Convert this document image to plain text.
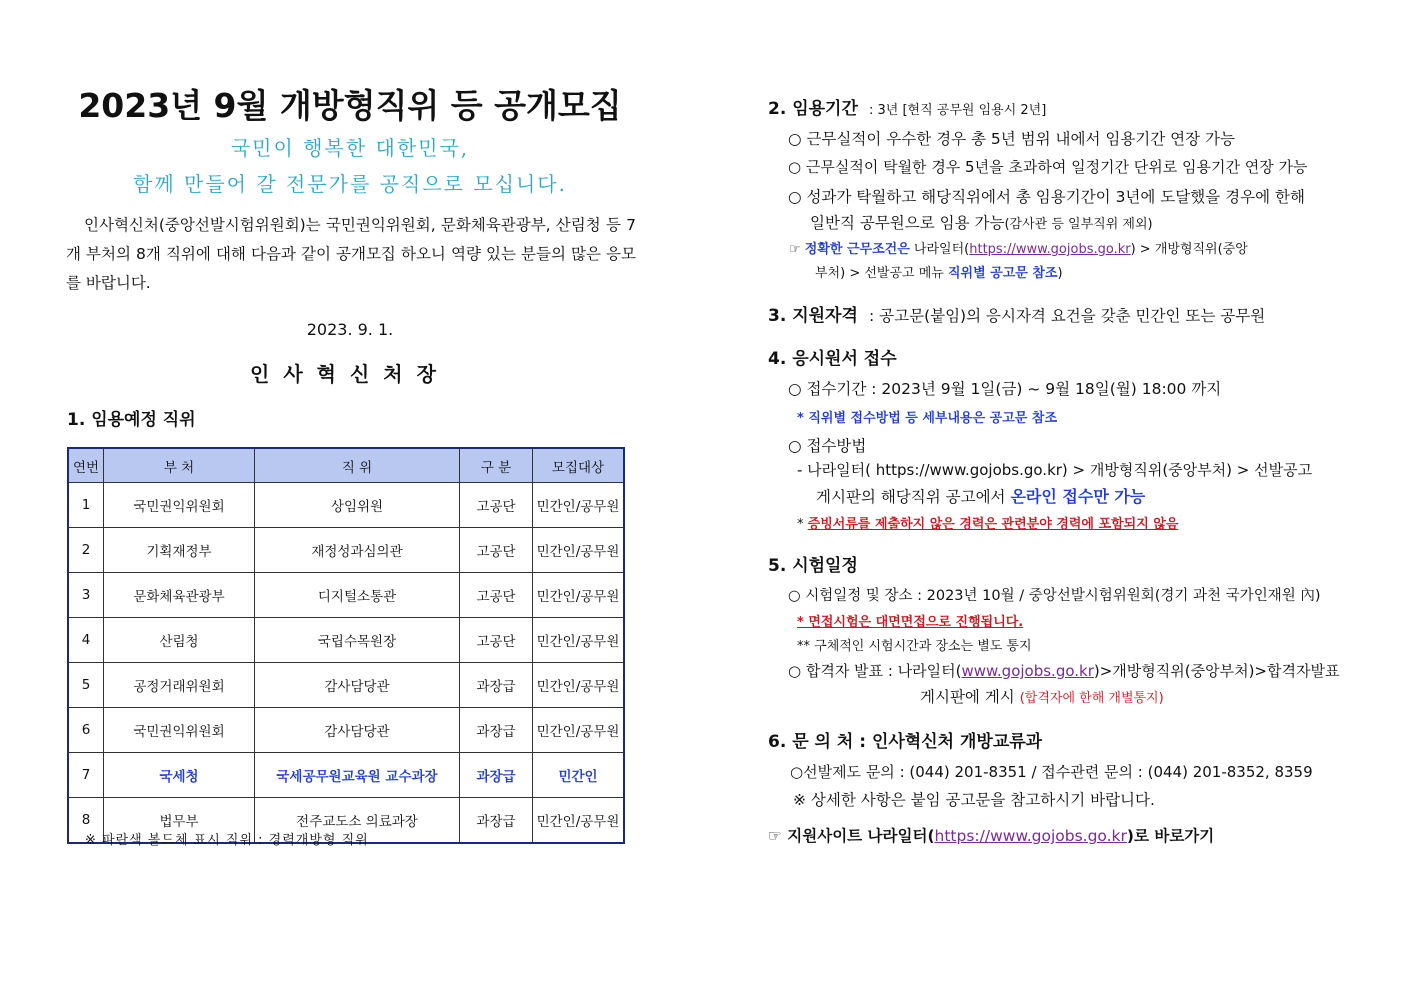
2023년 9월 개방형직위 등 공개모집
국민이 행복한 대한민국,
함께 만들어 갈 전문가를 공직으로 모십니다.
인사혁신처(중앙선발시험위원회)는 국민권익위원회, 문화체육관광부, 산림청 등 7개 부처의 8개 직위에 대해 다음과 같이 공개모집 하오니 역량 있는 분들의 많은 응모를 바랍니다.
2023. 9. 1.
인사혁신처장
1. 임용예정 직위
연번	부 처	직 위	구 분	모집대상
1	국민권익위원회	상임위원	고공단	민간인/공무원
2	기획재정부	재정성과심의관	고공단	민간인/공무원
3	문화체육관광부	디지털소통관	고공단	민간인/공무원
4	산림청	국립수목원장	고공단	민간인/공무원
5	공정거래위원회	감사담당관	과장급	민간인/공무원
6	국민권익위원회	감사담당관	과장급	민간인/공무원
7	국세청	국세공무원교육원 교수과장	과장급	민간인
8	법무부	전주교도소 의료과장	과장급	민간인/공무원
※ 파란색 볼드체 표시 직위 : 경력개방형 직위
2. 임용기간 : 3년 [현직 공무원 임용시 2년]
○ 근무실적이 우수한 경우 총 5년 범위 내에서 임용기간 연장 가능
○ 근무실적이 탁월한 경우 5년을 초과하여 일정기간 단위로 임용기간 연장 가능
○ 성과가 탁월하고 해당직위에서 총 임용기간이 3년에 도달했을 경우에 한해
일반직 공무원으로 임용 가능(감사관 등 일부직위 제외)
☞ 정확한 근무조건은 나라일터(https://www.gojobs.go.kr) > 개방형직위(중앙
부처) > 선발공고 메뉴 직위별 공고문 참조)
3. 지원자격 : 공고문(붙임)의 응시자격 요건을 갖춘 민간인 또는 공무원
4. 응시원서 접수
○ 접수기간 : 2023년 9월 1일(금) ~ 9월 18일(월) 18:00 까지
* 직위별 접수방법 등 세부내용은 공고문 참조
○ 접수방법
- 나라일터( https://www.gojobs.go.kr) > 개방형직위(중앙부처) > 선발공고
게시판의 해당직위 공고에서 온라인 접수만 가능
* 증빙서류를 제출하지 않은 경력은 관련분야 경력에 포함되지 않음
5. 시험일정
○ 시험일정 및 장소 : 2023년 10월 / 중앙선발시험위원회(경기 과천 국가인재원 內)
* 면접시험은 대면면접으로 진행됩니다.
** 구체적인 시험시간과 장소는 별도 통지
○ 합격자 발표 : 나라일터(www.gojobs.go.kr)>개방형직위(중앙부처)>합격자발표
게시판에 게시 (합격자에 한해 개별통지)
6. 문 의 처 : 인사혁신처 개방교류과
○선발제도 문의 : (044) 201-8351 / 접수관련 문의 : (044) 201-8352, 8359
※ 상세한 사항은 붙임 공고문을 참고하시기 바랍니다.
☞ 지원사이트 나라일터(https://www.gojobs.go.kr)로 바로가기
